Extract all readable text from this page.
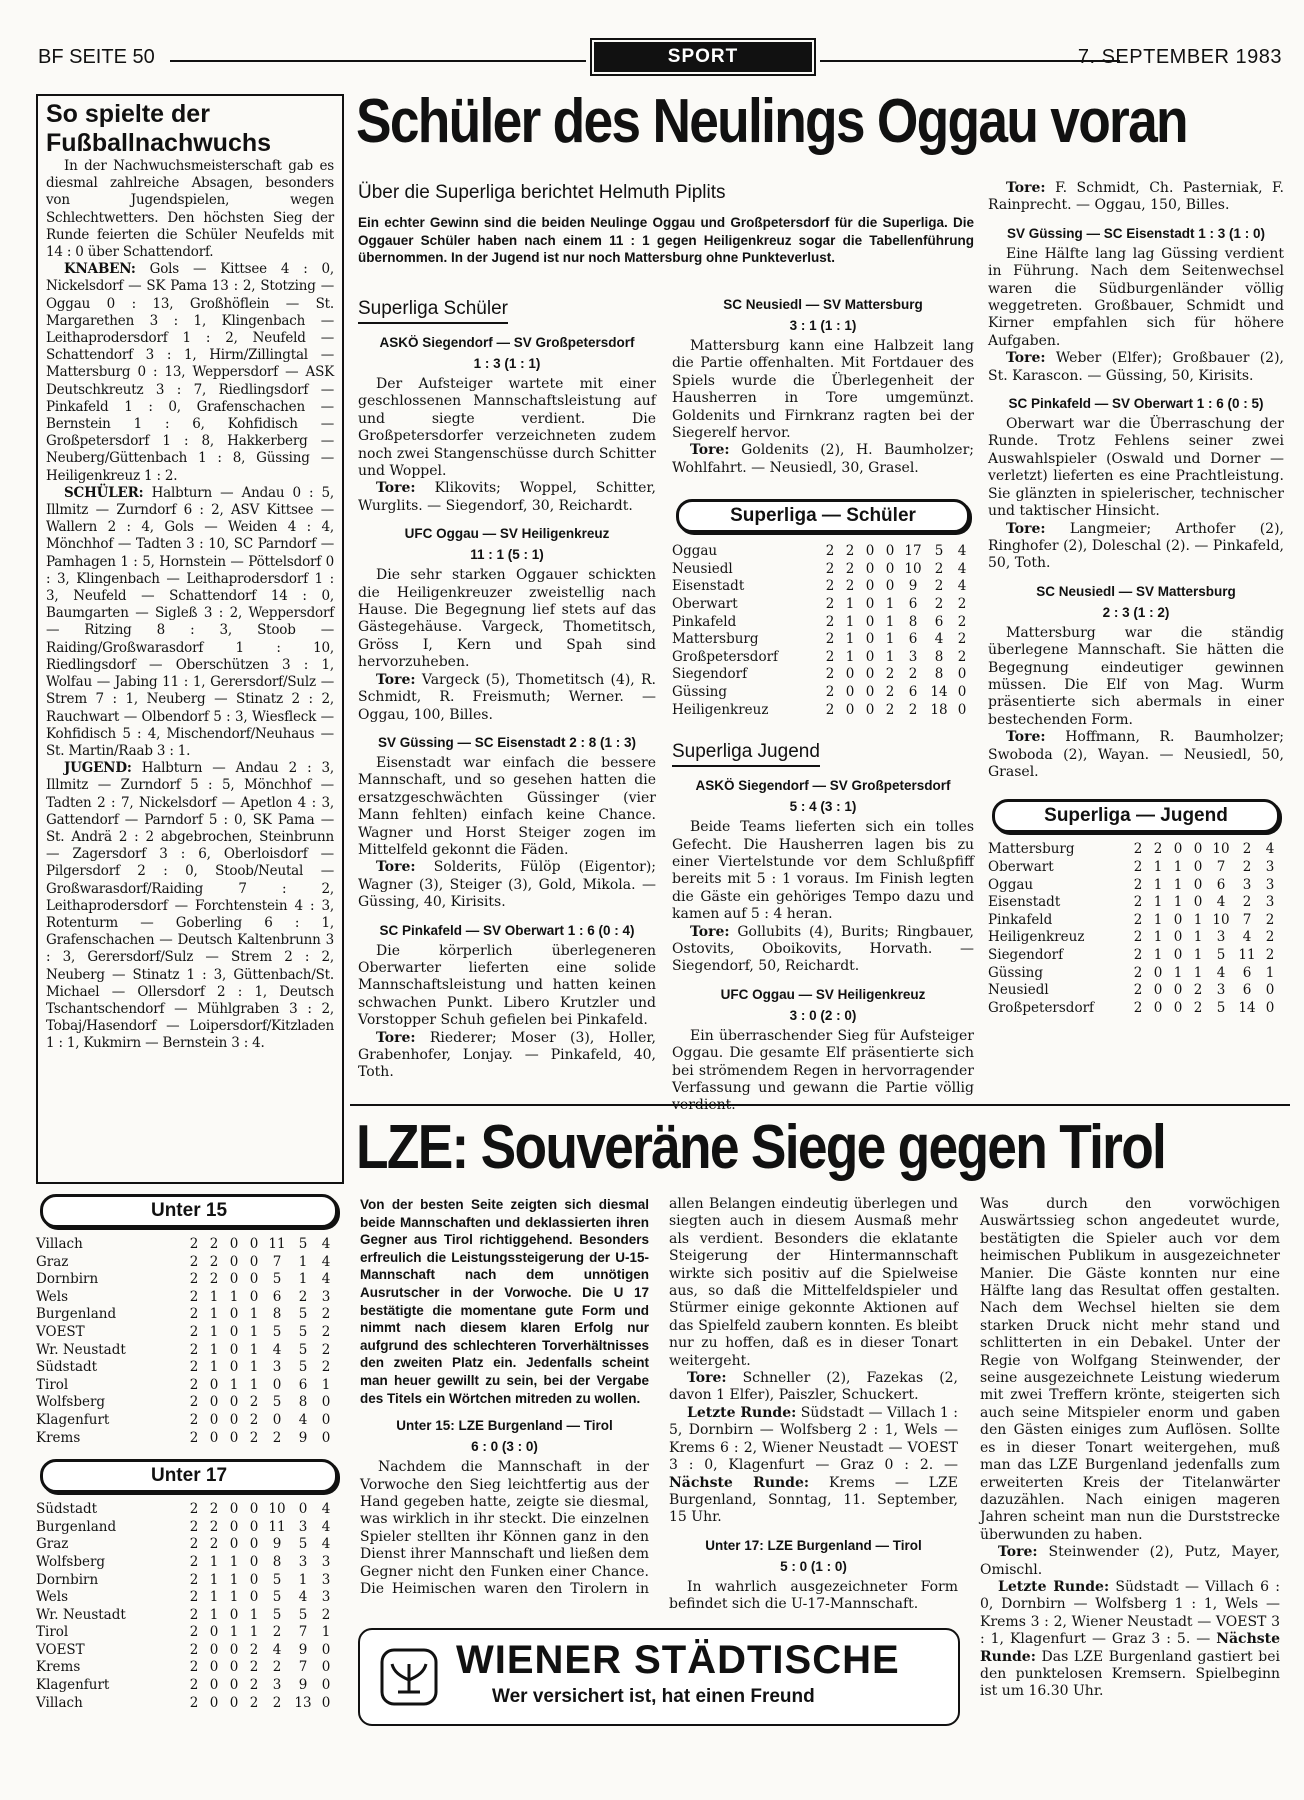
BF SEITE 50	SPORT	7. SEPTEMBER 1983
So spielte der
Fußballnachwuchs

In der Nachwuchsmeisterschaft gab es diesmal zahlreiche Absagen, besonders von Jugendspielen, wegen Schlechtwetters. Den höchsten Sieg der Runde feierten die Schüler Neufelds mit 14 : 0 über Schattendorf.

KNABEN: Gols — Kittsee 4 : 0, Nickelsdorf — SK Pama 13 : 2, Stotzing — Oggau 0 : 13, Großhöflein — St. Margarethen 3 : 1, Klingenbach — Leithaprodersdorf 1 : 2, Neufeld — Schattendorf 3 : 1, Hirm/Zillingtal — Mattersburg 0 : 13, Weppersdorf — ASK Deutschkreutz 3 : 7, Riedlingsdorf — Pinkafeld 1 : 0, Grafenschachen — Bernstein 1 : 6, Kohfidisch — Großpetersdorf 1 : 8, Hakkerberg — Neuberg/Güttenbach 1 : 8, Güssing — Heiligenkreuz 1 : 2.

SCHÜLER: Halbturn — Andau 0 : 5, Illmitz — Zurndorf 6 : 2, ASV Kittsee — Wallern 2 : 4, Gols — Weiden 4 : 4, Mönchhof — Tadten 3 : 10, SC Parndorf — Pamhagen 1 : 5, Hornstein — Pöttelsdorf 0 : 3, Klingenbach — Leithaprodersdorf 1 : 3, Neufeld — Schattendorf 14 : 0, Baumgarten — Sigleß 3 : 2, Weppersdorf — Ritzing 8 : 3, Stoob — Raiding/Großwarasdorf 1 : 10, Riedlingsdorf — Oberschützen 3 : 1, Wolfau — Jabing 11 : 1, Gerersdorf/Sulz — Strem 7 : 1, Neuberg — Stinatz 2 : 2, Rauchwart — Olbendorf 5 : 3, Wiesfleck — Kohfidisch 5 : 4, Mischendorf/Neuhaus — St. Martin/Raab 3 : 1.

JUGEND: Halbturn — Andau 2 : 3, Illmitz — Zurndorf 5 : 5, Mönchhof — Tadten 2 : 7, Nickelsdorf — Apetlon 4 : 3, Gattendorf — Parndorf 5 : 0, SK Pama — St. Andrä 2 : 2 abgebrochen, Steinbrunn — Zagersdorf 3 : 6, Oberloisdorf — Pilgersdorf 2 : 0, Stoob/Neutal — Großwarasdorf/Raiding 7 : 2, Leithaprodersdorf — Forchtenstein 4 : 3, Rotenturm — Goberling 6 : 1, Grafenschachen — Deutsch Kaltenbrunn 3 : 3, Gerersdorf/Sulz — Strem 2 : 2, Neuberg — Stinatz 1 : 3, Güttenbach/St. Michael — Ollersdorf 2 : 1, Deutsch Tschantschendorf — Mühlgraben 3 : 2, Tobaj/Hasendorf — Loipersdorf/Kitzladen 1 : 1, Kukmirn — Bernstein 3 : 4.

Schüler des Neulings Oggau voran
Über die Superliga berichtet Helmuth Piplits

Ein echter Gewinn sind die beiden Neulinge Oggau und Großpetersdorf für die Superliga. Die Oggauer Schüler haben nach einem 11 : 1 gegen Heiligenkreuz sogar die Tabellenführung übernommen. In der Jugend ist nur noch Mattersburg ohne Punkteverlust.

Superliga Schüler
ASKÖ Siegendorf — SV Großpetersdorf
1 : 3 (1 : 1)

Der Aufsteiger wartete mit einer geschlossenen Mannschaftsleistung auf und siegte verdient. Die Großpetersdorfer verzeichneten zudem noch zwei Stangenschüsse durch Schitter und Woppel.

Tore: Klikovits; Woppel, Schitter, Wurglits. — Siegendorf, 30, Reichardt.

UFC Oggau — SV Heiligenkreuz
11 : 1 (5 : 1)

Die sehr starken Oggauer schickten die Heiligenkreuzer zweistellig nach Hause. Die Begegnung lief stets auf das Gästegehäuse. Vargeck, Thometitsch, Gröss I, Kern und Spah sind hervorzuheben.

Tore: Vargeck (5), Thometitsch (4), R. Schmidt, R. Freismuth; Werner. — Oggau, 100, Billes.

SV Güssing — SC Eisenstadt 2 : 8 (1 : 3)

Eisenstadt war einfach die bessere Mannschaft, und so gesehen hatten die ersatzgeschwächten Güssinger (vier Mann fehlten) einfach keine Chance. Wagner und Horst Steiger zogen im Mittelfeld gekonnt die Fäden.

Tore: Solderits, Fülöp (Eigentor); Wagner (3), Steiger (3), Gold, Mikola. — Güssing, 40, Kirisits.

SC Pinkafeld — SV Oberwart 1 : 6 (0 : 4)

Die körperlich überlegeneren Oberwarter lieferten eine solide Mannschaftsleistung und hatten keinen schwachen Punkt. Libero Krutzler und Vorstopper Schuh gefielen bei Pinkafeld.

Tore: Riederer; Moser (3), Holler, Grabenhofer, Lonjay. — Pinkafeld, 40, Toth.

SC Neusiedl — SV Mattersburg
3 : 1 (1 : 1)

Mattersburg kann eine Halbzeit lang die Partie offenhalten. Mit Fortdauer des Spiels wurde die Überlegenheit der Hausherren in Tore umgemünzt. Goldenits und Firnkranz ragten bei der Siegerelf hervor.

Tore: Goldenits (2), H. Baumholzer; Wohlfahrt. — Neusiedl, 30, Grasel.

Superliga — Schüler
Oggau	2	2	0	0	17	5	4
Neusiedl	2	2	0	0	10	2	4
Eisenstadt	2	2	0	0	9	2	4
Oberwart	2	1	0	1	6	2	2
Pinkafeld	2	1	0	1	8	6	2
Mattersburg	2	1	0	1	6	4	2
Großpetersdorf	2	1	0	1	3	8	2
Siegendorf	2	0	0	2	2	8	0
Güssing	2	0	0	2	6	14	0
Heiligenkreuz	2	0	0	2	2	18	0
Superliga Jugend
ASKÖ Siegendorf — SV Großpetersdorf
5 : 4 (3 : 1)

Beide Teams lieferten sich ein tolles Gefecht. Die Hausherren lagen bis zu einer Viertelstunde vor dem Schlußpfiff bereits mit 5 : 1 voraus. Im Finish legten die Gäste ein gehöriges Tempo dazu und kamen auf 5 : 4 heran.

Tore: Gollubits (4), Burits; Ringbauer, Ostovits, Oboikovits, Horvath. — Siegendorf, 50, Reichardt.

UFC Oggau — SV Heiligenkreuz
3 : 0 (2 : 0)

Ein überraschender Sieg für Aufsteiger Oggau. Die gesamte Elf präsentierte sich bei strömendem Regen in hervorragender Verfassung und gewann die Partie völlig

Tore: F. Schmidt, Ch. Pasterniak, F. Rainprecht. — Oggau, 150, Billes.

SV Güssing — SC Eisenstadt 1 : 3 (1 : 0)

Eine Hälfte lang lag Güssing verdient in Führung. Nach dem Seitenwechsel waren die Südburgenländer völlig weggetreten. Großbauer, Schmidt und Kirner empfahlen sich für höhere Aufgaben.

Tore: Weber (Elfer); Großbauer (2), St. Karascon. — Güssing, 50, Kirisits.

SC Pinkafeld — SV Oberwart 1 : 6 (0 : 5)

Oberwart war die Überraschung der Runde. Trotz Fehlens seiner zwei Auswahlspieler (Oswald und Dorner — verletzt) lieferten es eine Prachtleistung. Sie glänzten in spielerischer, technischer und taktischer Hinsicht.

Tore: Langmeier; Arthofer (2), Ringhofer (2), Doleschal (2). — Pinkafeld, 50, Toth.

SC Neusiedl — SV Mattersburg
2 : 3 (1 : 2)

Mattersburg war die ständig überlegene Mannschaft. Sie hätten die Begegnung eindeutiger gewinnen müssen. Die Elf von Mag. Wurm präsentierte sich abermals in einer bestechenden Form.

Tore: Hoffmann, R. Baumholzer; Swoboda (2), Wayan. — Neusiedl, 50, Grasel.

Superliga — Jugend
Mattersburg	2	2	0	0	10	2	4
Oberwart	2	1	1	0	7	2	3
Oggau	2	1	1	0	6	3	3
Eisenstadt	2	1	1	0	4	2	3
Pinkafeld	2	1	0	1	10	7	2
Heiligenkreuz	2	1	0	1	3	4	2
Siegendorf	2	1	0	1	5	11	2
Güssing	2	0	1	1	4	6	1
Neusiedl	2	0	0	2	3	6	0
Großpetersdorf	2	0	0	2	5	14	0
LZE: Souveräne Siege gegen Tirol
Unter 15
Villach	2	2	0	0	11	5	4
Graz	2	2	0	0	7	1	4
Dornbirn	2	2	0	0	5	1	4
Wels	2	1	1	0	6	2	3
Burgenland	2	1	0	1	8	5	2
VOEST	2	1	0	1	5	5	2
Wr. Neustadt	2	1	0	1	4	5	2
Südstadt	2	1	0	1	3	5	2
Tirol	2	0	1	1	0	6	1
Wolfsberg	2	0	0	2	5	8	0
Klagenfurt	2	0	0	2	0	4	0
Krems	2	0	0	2	2	9	0
Unter 17
Südstadt	2	2	0	0	10	0	4
Burgenland	2	2	0	0	11	3	4
Graz	2	2	0	0	9	5	4
Wolfsberg	2	1	1	0	8	3	3
Dornbirn	2	1	1	0	5	1	3
Wels	2	1	1	0	5	4	3
Wr. Neustadt	2	1	0	1	5	5	2
Tirol	2	0	1	1	2	7	1
VOEST	2	0	0	2	4	9	0
Krems	2	0	0	2	2	7	0
Klagenfurt	2	0	0	2	3	9	0
Villach	2	0	0	2	2	13	0

Von der besten Seite zeigten sich diesmal beide Mannschaften und deklassierten ihren Gegner aus Tirol richtiggehend. Besonders erfreulich die Leistungssteigerung der U-15-Mannschaft nach dem unnötigen Ausrutscher in der Vorwoche. Die U 17 bestätigte die momentane gute Form und nimmt nach diesem klaren Erfolg nur aufgrund des schlechteren Torverhältnisses den zweiten Platz ein. Jedenfalls scheint man heuer gewillt zu sein, bei der Vergabe des Titels ein Wörtchen mitreden zu wollen.

Unter 15: LZE Burgenland — Tirol
6 : 0 (3 : 0)

Nachdem die Mannschaft in der Vorwoche den Sieg leichtfertig aus der Hand gegeben hatte, zeigte sie diesmal, was wirklich in ihr steckt. Die einzelnen Spieler stellten ihr Können ganz in den Dienst ihrer Mannschaft und ließen dem Gegner nicht den Funken einer Chance. Die Heimischen waren den Tirolern in allen Belangen eindeutig überlegen und siegten auch in diesem Ausmaß mehr als verdient. Besonders die eklatante Steigerung der Hintermannschaft wirkte sich positiv auf die Spielweise aus, so daß die Mittelfeldspieler und Stürmer einige gekonnte Aktionen auf das Spielfeld zaubern konnten. Es bleibt nur zu hoffen, daß es in dieser Tonart weitergeht.

Tore: Schneller (2), Fazekas (2, davon 1 Elfer), Paiszler, Schuckert.

Letzte Runde: Südstadt — Villach 1 : 5, Dornbirn — Wolfsberg 2 : 1, Wels — Krems 6 : 2, Wiener Neustadt — VOEST 3 : 0, Klagenfurt — Graz 0 : 2. — Nächste Runde: Krems — LZE Burgenland, Sonntag, 11. September, 15 Uhr.

Unter 17: LZE Burgenland — Tirol
5 : 0 (1 : 0)

In wahrlich ausgezeichneter Form befindet sich die U-17-Mannschaft.

Was durch den vorwöchigen Auswärtssieg schon angedeutet wurde, bestätigten die Spieler auch vor dem heimischen Publikum in ausgezeichneter Manier. Die Gäste konnten nur eine Hälfte lang das Resultat offen gestalten. Nach dem Wechsel hielten sie dem starken Druck nicht mehr stand und schlitterten in ein Debakel. Unter der Regie von Wolfgang Steinwender, der seine ausgezeichnete Leistung wiederum mit zwei Treffern krönte, steigerten sich auch seine Mitspieler enorm und gaben den Gästen einiges zum Auflösen. Sollte es in dieser Tonart weitergehen, muß man das LZE Burgenland jedenfalls zum erweiterten Kreis der Titelanwärter dazuzählen. Nach einigen mageren Jahren scheint man nun die Durststrecke überwunden zu haben.

Tore: Steinwender (2), Putz, Mayer, Omischl.

Letzte Runde: Südstadt — Villach 6 : 0, Dornbirn — Wolfsberg 1 : 1, Wels — Krems 3 : 2, Wiener Neustadt — VOEST 3 : 1, Klagenfurt — Graz 3 : 5. — Nächste Runde: Das LZE Burgenland gastiert bei den punktelosen Kremsern. Spielbeginn ist um 16.30 Uhr.

WIENER STÄDTISCHE
Wer versichert ist, hat einen Freund
